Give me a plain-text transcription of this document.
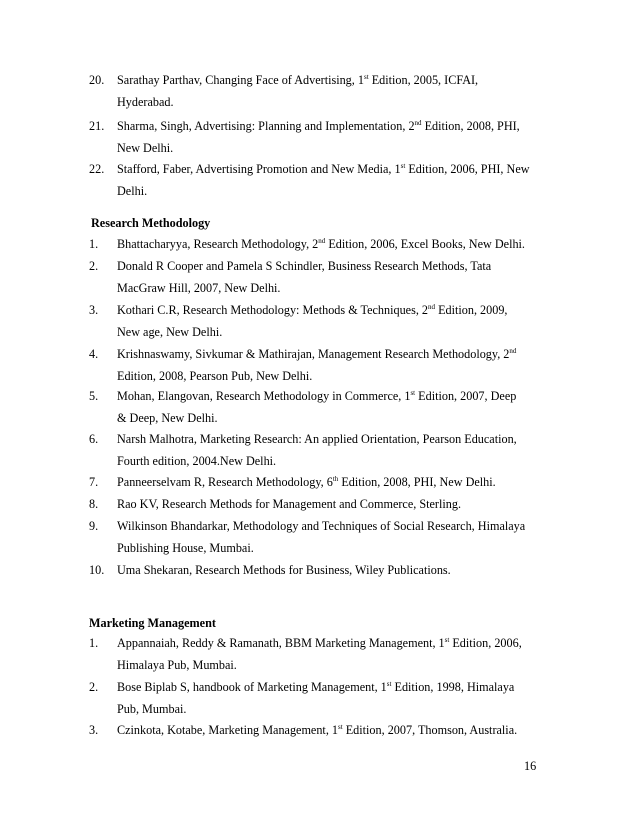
20. Sarathay Parthav, Changing Face of Advertising, 1st Edition, 2005, ICFAI,
Hyderabad.
21. Sharma, Singh, Advertising: Planning and Implementation, 2nd Edition, 2008, PHI,
New Delhi.
22. Stafford, Faber, Advertising Promotion and New Media, 1st Edition, 2006, PHI, New
Delhi.
Research Methodology
1. Bhattacharyya, Research Methodology, 2nd Edition, 2006, Excel Books, New Delhi.
2. Donald R Cooper and Pamela S Schindler, Business Research Methods, Tata
MacGraw Hill, 2007, New Delhi.
3. Kothari C.R, Research Methodology: Methods & Techniques, 2nd Edition, 2009,
New age, New Delhi.
4. Krishnaswamy, Sivkumar & Mathirajan, Management Research Methodology, 2nd
Edition, 2008, Pearson Pub, New Delhi.
5. Mohan, Elangovan, Research Methodology in Commerce, 1st Edition, 2007, Deep
& Deep, New Delhi.
6. Narsh Malhotra, Marketing Research: An applied Orientation, Pearson Education,
Fourth edition, 2004.New Delhi.
7. Panneerselvam R, Research Methodology, 6th Edition, 2008, PHI, New Delhi.
8. Rao KV, Research Methods for Management and Commerce, Sterling.
9. Wilkinson Bhandarkar, Methodology and Techniques of Social Research, Himalaya
Publishing House, Mumbai.
10. Uma Shekaran, Research Methods for Business, Wiley Publications.
Marketing Management
1. Appannaiah, Reddy & Ramanath, BBM Marketing Management, 1st Edition, 2006,
Himalaya Pub, Mumbai.
2. Bose Biplab S, handbook of Marketing Management, 1st Edition, 1998, Himalaya
Pub, Mumbai.
3. Czinkota, Kotabe, Marketing Management, 1st Edition, 2007, Thomson, Australia.
16
